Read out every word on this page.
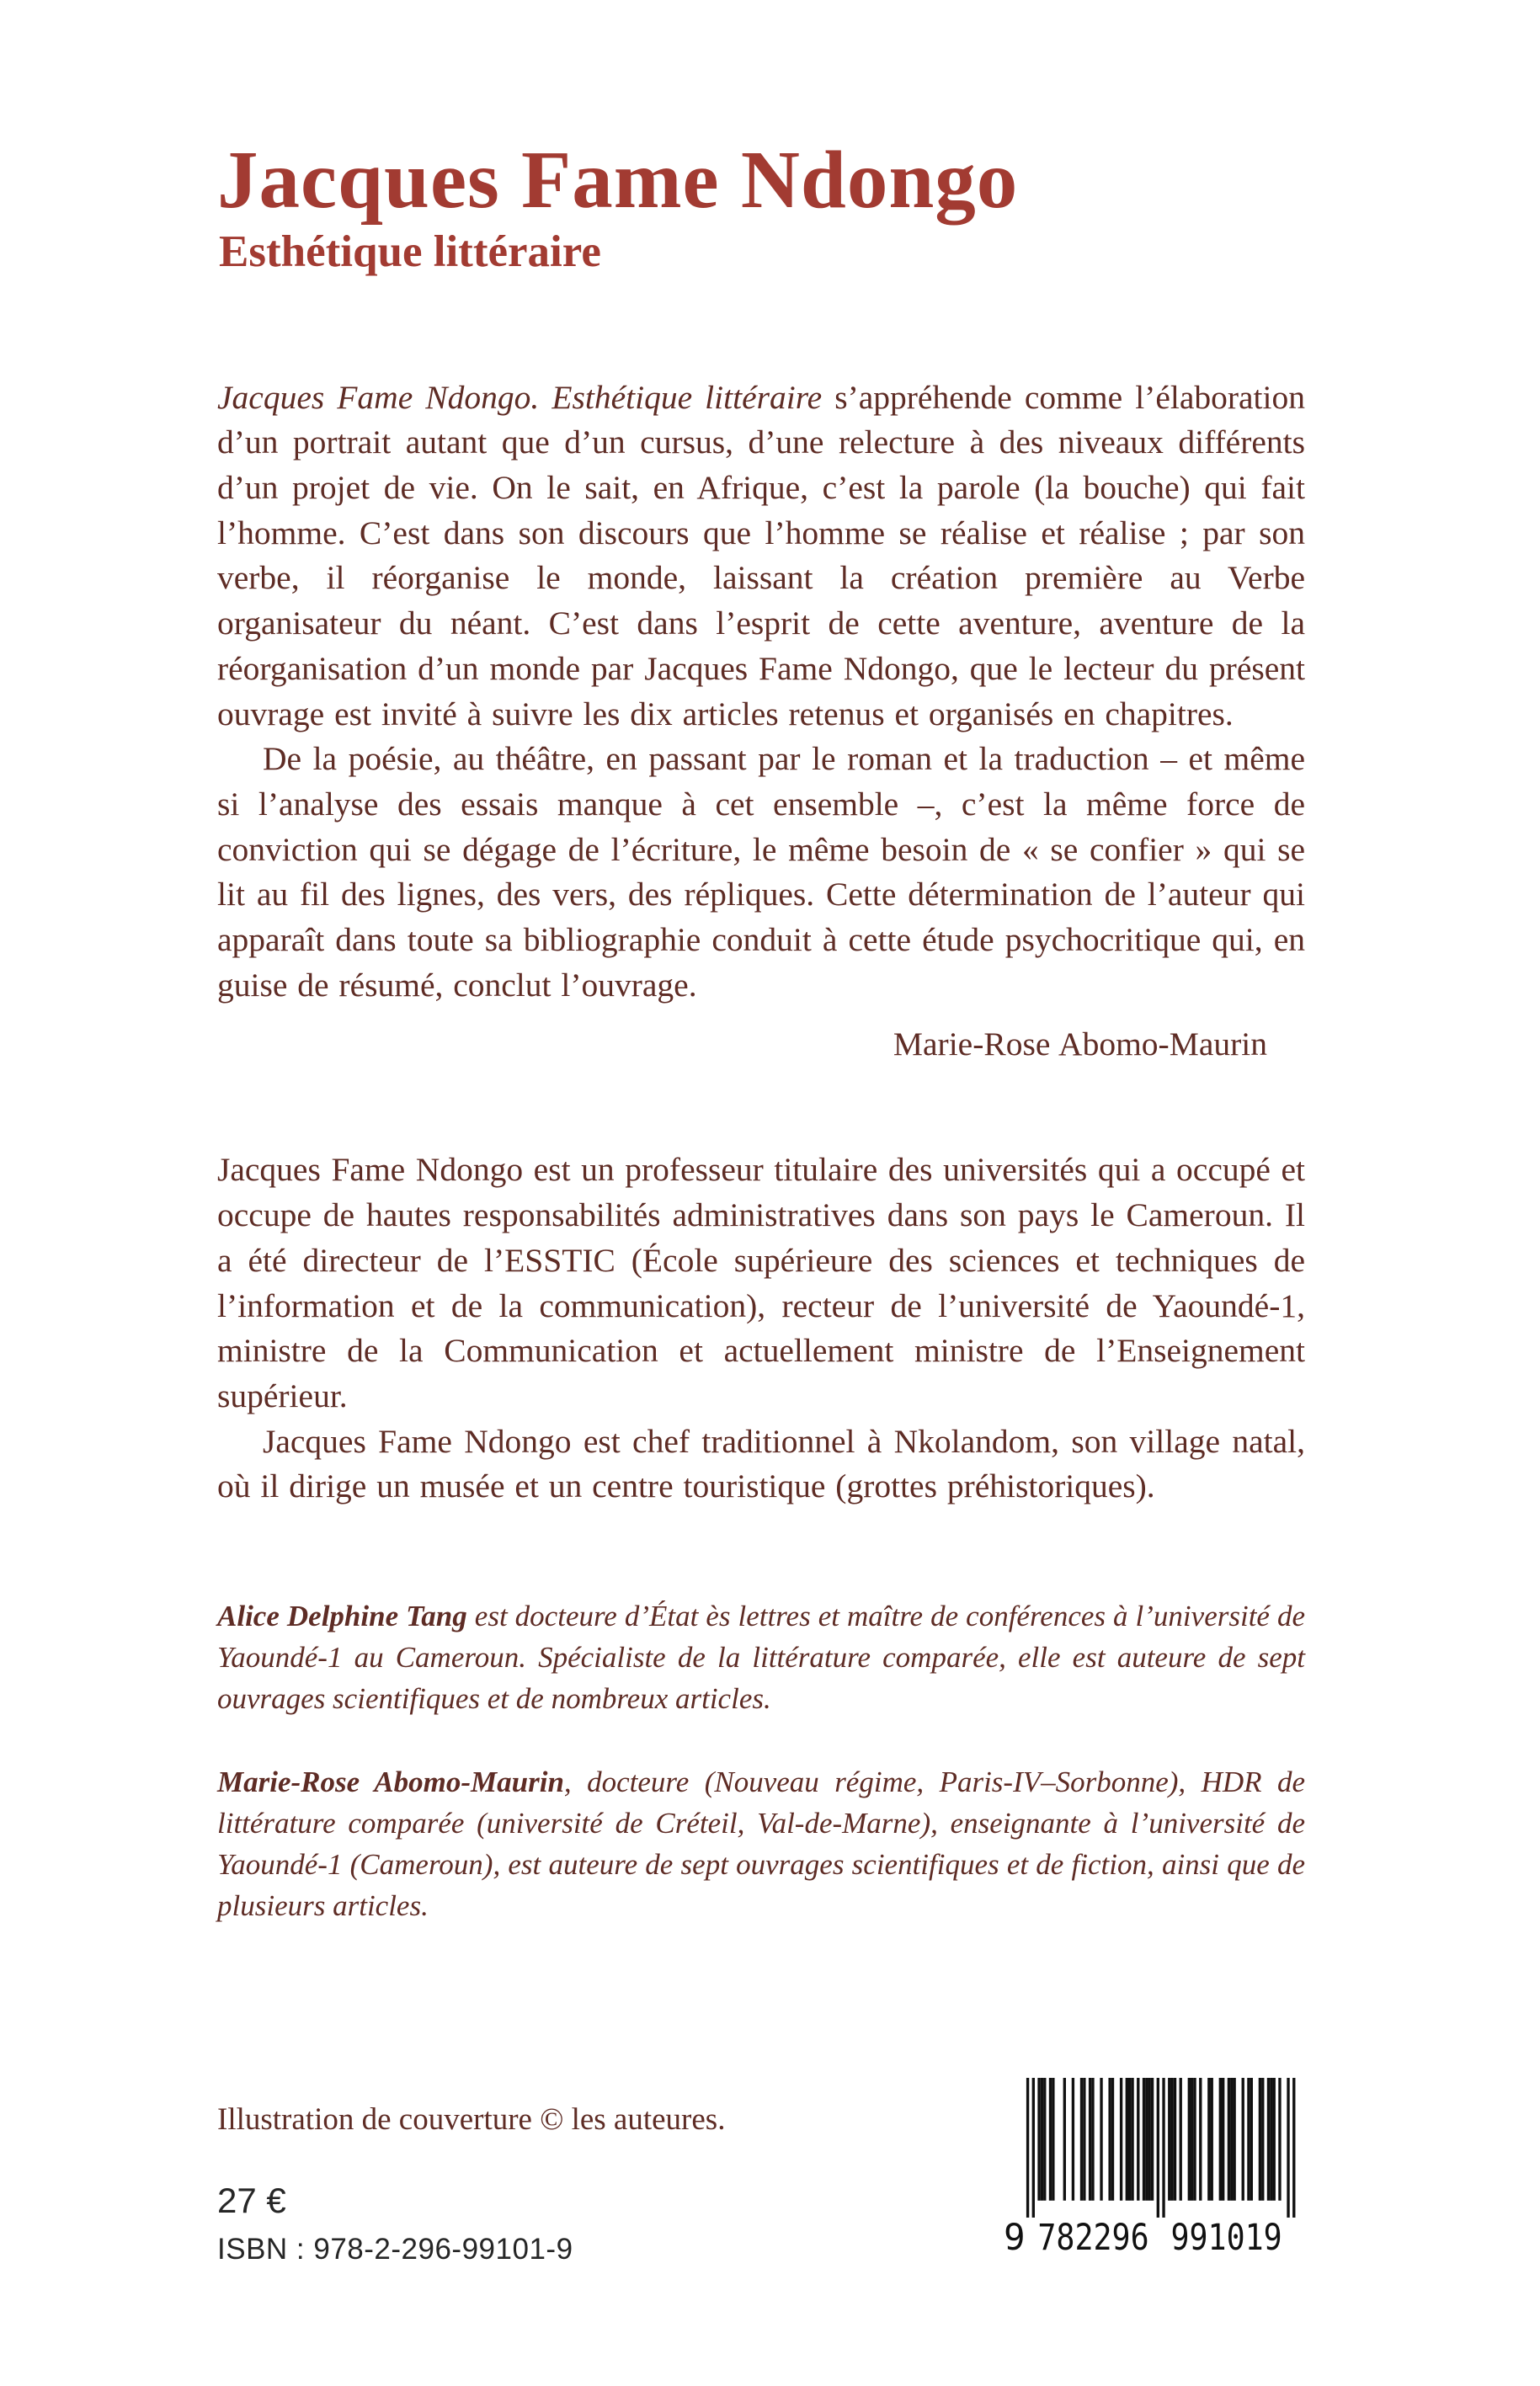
Jacques Fame Ndongo
Esthétique littéraire

Jacques Fame Ndongo. Esthétique littéraire s’appréhende comme l’élaboration d’un portrait autant que d’un cursus, d’une relecture à des niveaux différents d’un projet de vie. On le sait, en Afrique, c’est la parole (la bouche) qui fait l’homme. C’est dans son discours que l’homme se réalise et réalise ; par son verbe, il réorganise le monde, laissant la création première au Verbe organisateur du néant. C’est dans l’esprit de cette aventure, aventure de la réorganisation d’un monde par Jacques Fame Ndongo, que le lecteur du présent ouvrage est invité à suivre les dix articles retenus et organisés en chapitres.

De la poésie, au théâtre, en passant par le roman et la traduction – et même si l’analyse des essais manque à cet ensemble –, c’est la même force de conviction qui se dégage de l’écriture, le même besoin de « se confier » qui se lit au fil des lignes, des vers, des répliques. Cette détermination de l’auteur qui apparaît dans toute sa bibliographie conduit à cette étude psychocritique qui, en guise de résumé, conclut l’ouvrage.

Marie-Rose Abomo-Maurin

Jacques Fame Ndongo est un professeur titulaire des universités qui a occupé et occupe de hautes responsabilités administratives dans son pays le Cameroun. Il a été directeur de l’ESSTIC (École supérieure des sciences et techniques de l’information et de la communication), recteur de l’université de Yaoundé-1, ministre de la Communication et actuellement ministre de l’Enseignement supérieur.

Jacques Fame Ndongo est chef traditionnel à Nkolandom, son village natal, où il dirige un musée et un centre touristique (grottes préhistoriques).

Alice Delphine Tang est docteure d’État ès lettres et maître de conférences à l’université de Yaoundé-1 au Cameroun. Spécialiste de la littérature comparée, elle est auteure de sept ouvrages scientifiques et de nombreux articles.

Marie-Rose Abomo-Maurin, docteure (Nouveau régime, Paris-IV–Sorbonne), HDR de littérature comparée (université de Créteil, Val-de-Marne), enseignante à l’université de Yaoundé-1 (Cameroun), est auteure de sept ouvrages scientifiques et de fiction, ainsi que de plusieurs articles.

Illustration de couverture © les auteures.
27 €
ISBN : 978-2-296-99101-9	9 782296 991019
